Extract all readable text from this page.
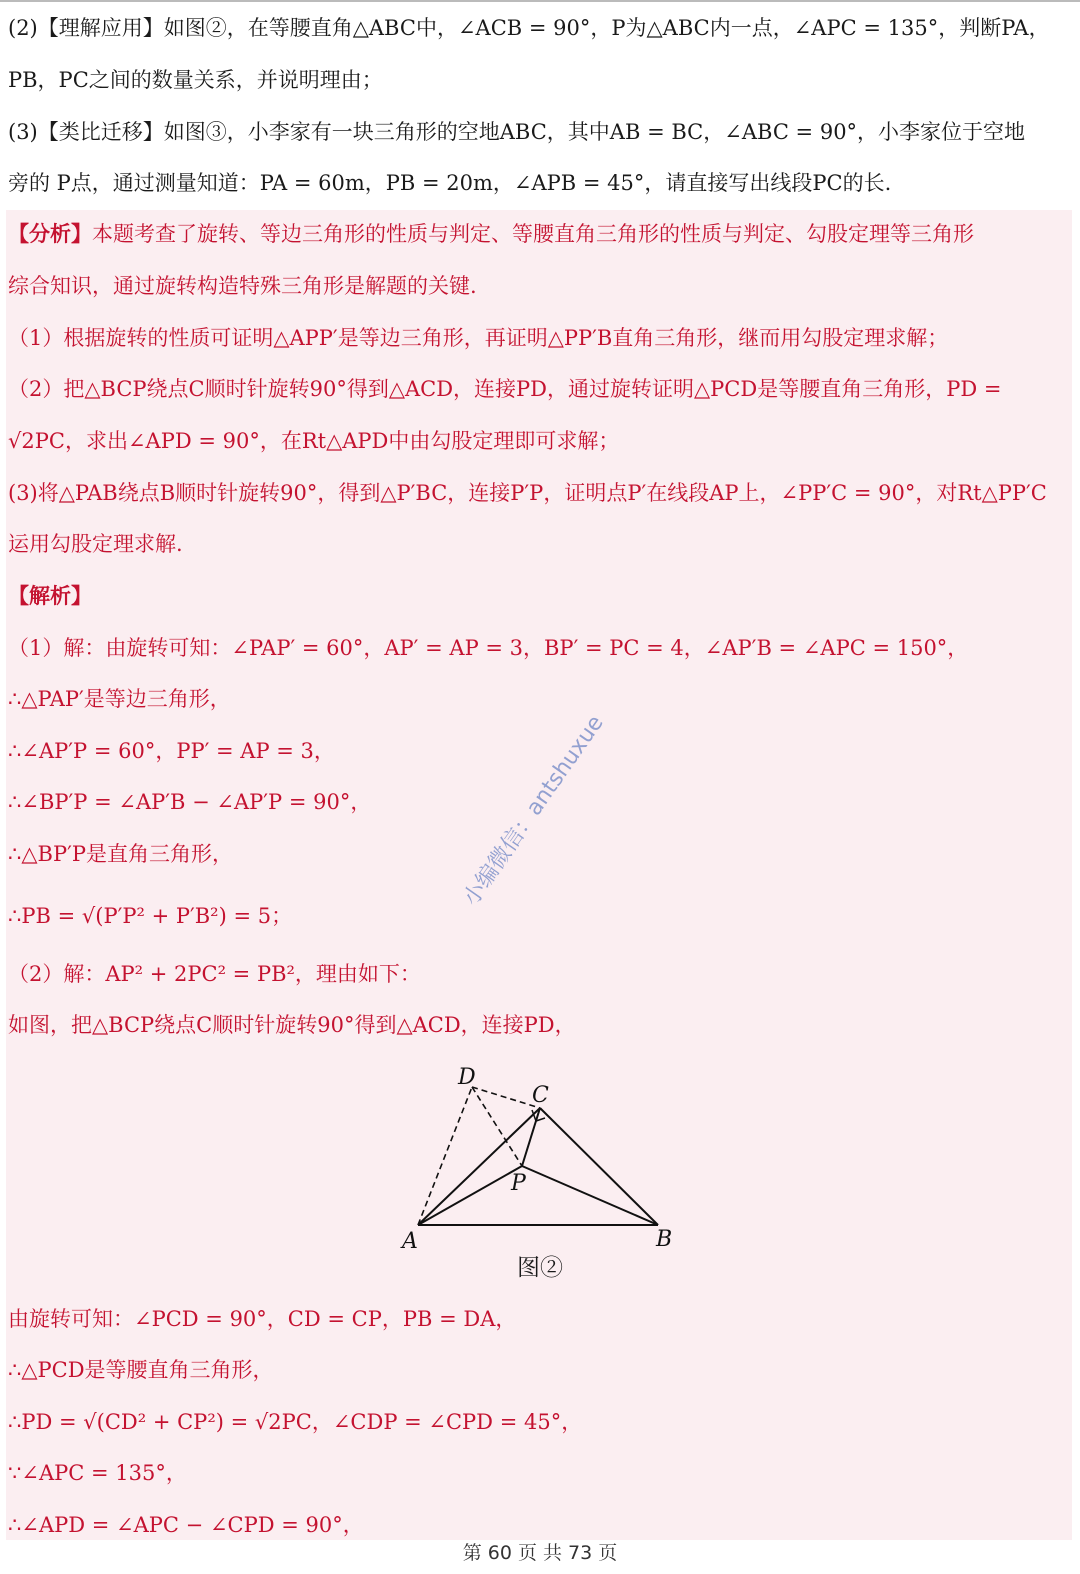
(2)【理解应用】如图②，在等腰直角△ABC中，∠ACB = 90°，P为△ABC内一点，∠APC = 135°，判断PA，
PB，PC之间的数量关系，并说明理由；
(3)【类比迁移】如图③，小李家有一块三角形的空地ABC，其中AB = BC，∠ABC = 90°，小李家位于空地
旁的 P点，通过测量知道：PA = 60m，PB = 20m，∠APB = 45°，请直接写出线段PC的长.
【分析】本题考查了旋转、等边三角形的性质与判定、等腰直角三角形的性质与判定、勾股定理等三角形
综合知识，通过旋转构造特殊三角形是解题的关键.
（1）根据旋转的性质可证明△APP′是等边三角形，再证明△PP′B直角三角形，继而用勾股定理求解；
（2）把△BCP绕点C顺时针旋转90°得到△ACD，连接PD，通过旋转证明△PCD是等腰直角三角形，PD =
√2PC，求出∠APD = 90°，在Rt△APD中由勾股定理即可求解；
(3)将△PAB绕点B顺时针旋转90°，得到△P′BC，连接P′P，证明点P′在线段AP上，∠PP′C = 90°，对Rt△PP′C
运用勾股定理求解.
【解析】
（1）解：由旋转可知：∠PAP′ = 60°，AP′ = AP = 3，BP′ = PC = 4，∠AP′B = ∠APC = 150°，
∴△PAP′是等边三角形，
∴∠AP′P = 60°，PP′ = AP = 3，
∴∠BP′P = ∠AP′B − ∠AP′P = 90°，
∴△BP′P是直角三角形，
∴PB = √(P′P² + P′B²) = 5；
（2）解：AP² + 2PC² = PB²，理由如下：
如图，把△BCP绕点C顺时针旋转90°得到△ACD，连接PD，
D
C
P
A	B
图②
由旋转可知：∠PCD = 90°，CD = CP，PB = DA，
∴△PCD是等腰直角三角形，
∴PD = √(CD² + CP²) = √2PC，∠CDP = ∠CPD = 45°，
∵∠APC = 135°，
∴∠APD = ∠APC − ∠CPD = 90°，
小编微信：antshuxue
第 60 页 共 73 页
